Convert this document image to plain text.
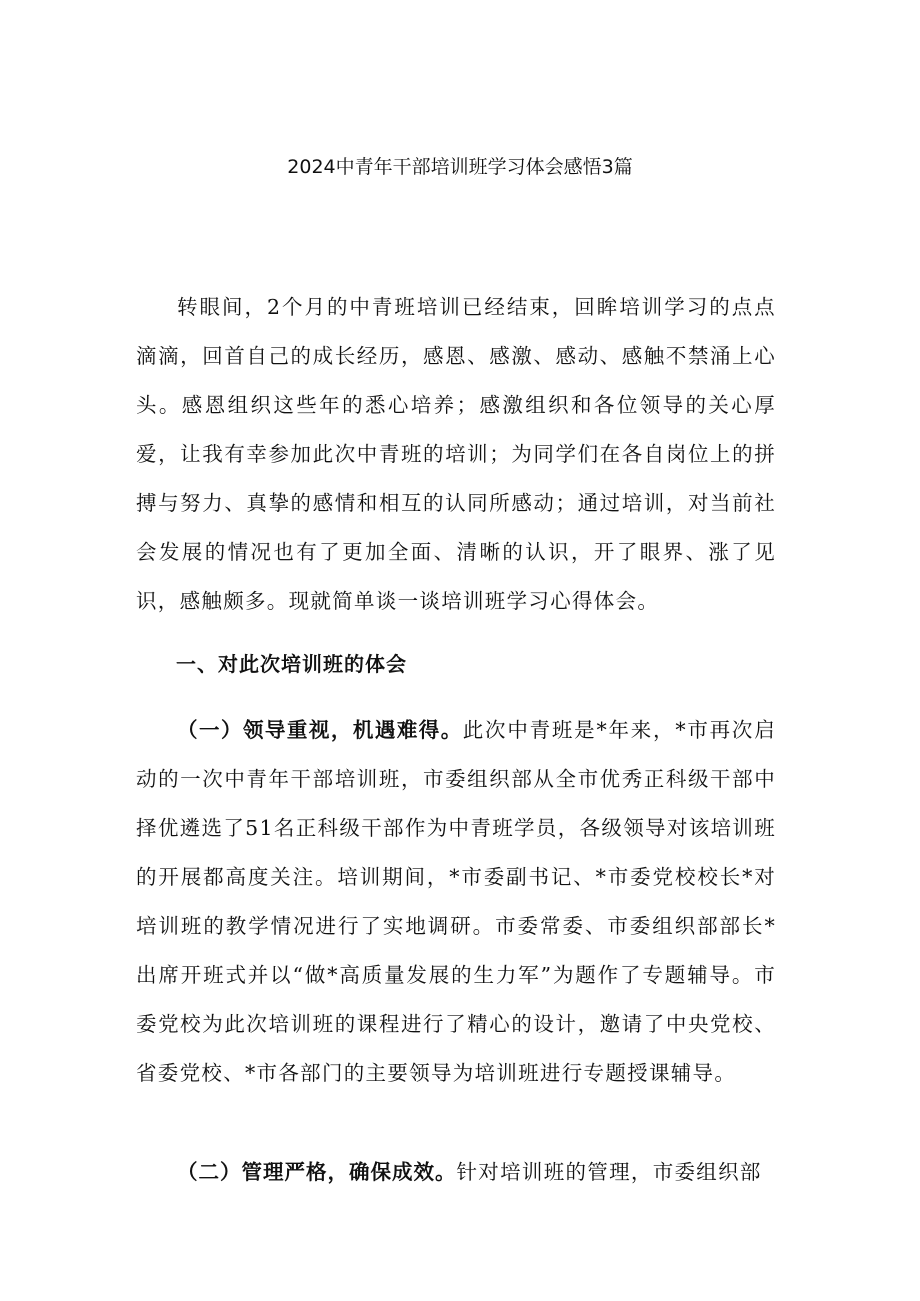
2024中青年干部培训班学习体会感悟3篇

转眼间，2个月的中青班培训已经结束，回眸培训学习的点点滴滴，回首自己的成长经历，感恩、感激、感动、感触不禁涌上心头。感恩组织这些年的悉心培养；感激组织和各位领导的关心厚爱，让我有幸参加此次中青班的培训；为同学们在各自岗位上的拼搏与努力、真挚的感情和相互的认同所感动；通过培训，对当前社会发展的情况也有了更加全面、清晰的认识，开了眼界、涨了见识，感触颇多。现就简单谈一谈培训班学习心得体会。

一、对此次培训班的体会

（一）领导重视，机遇难得。此次中青班是*年来，*市再次启动的一次中青年干部培训班，市委组织部从全市优秀正科级干部中择优遴选了51名正科级干部作为中青班学员，各级领导对该培训班的开展都高度关注。培训期间，*市委副书记、*市委党校校长*对培训班的教学情况进行了实地调研。市委常委、市委组织部部长*出席开班式并以“做*高质量发展的生力军”为题作了专题辅导。市委党校为此次培训班的课程进行了精心的设计，邀请了中央党校、省委党校、*市各部门的主要领导为培训班进行专题授课辅导。

（二）管理严格，确保成效。针对培训班的管理，市委组织部
